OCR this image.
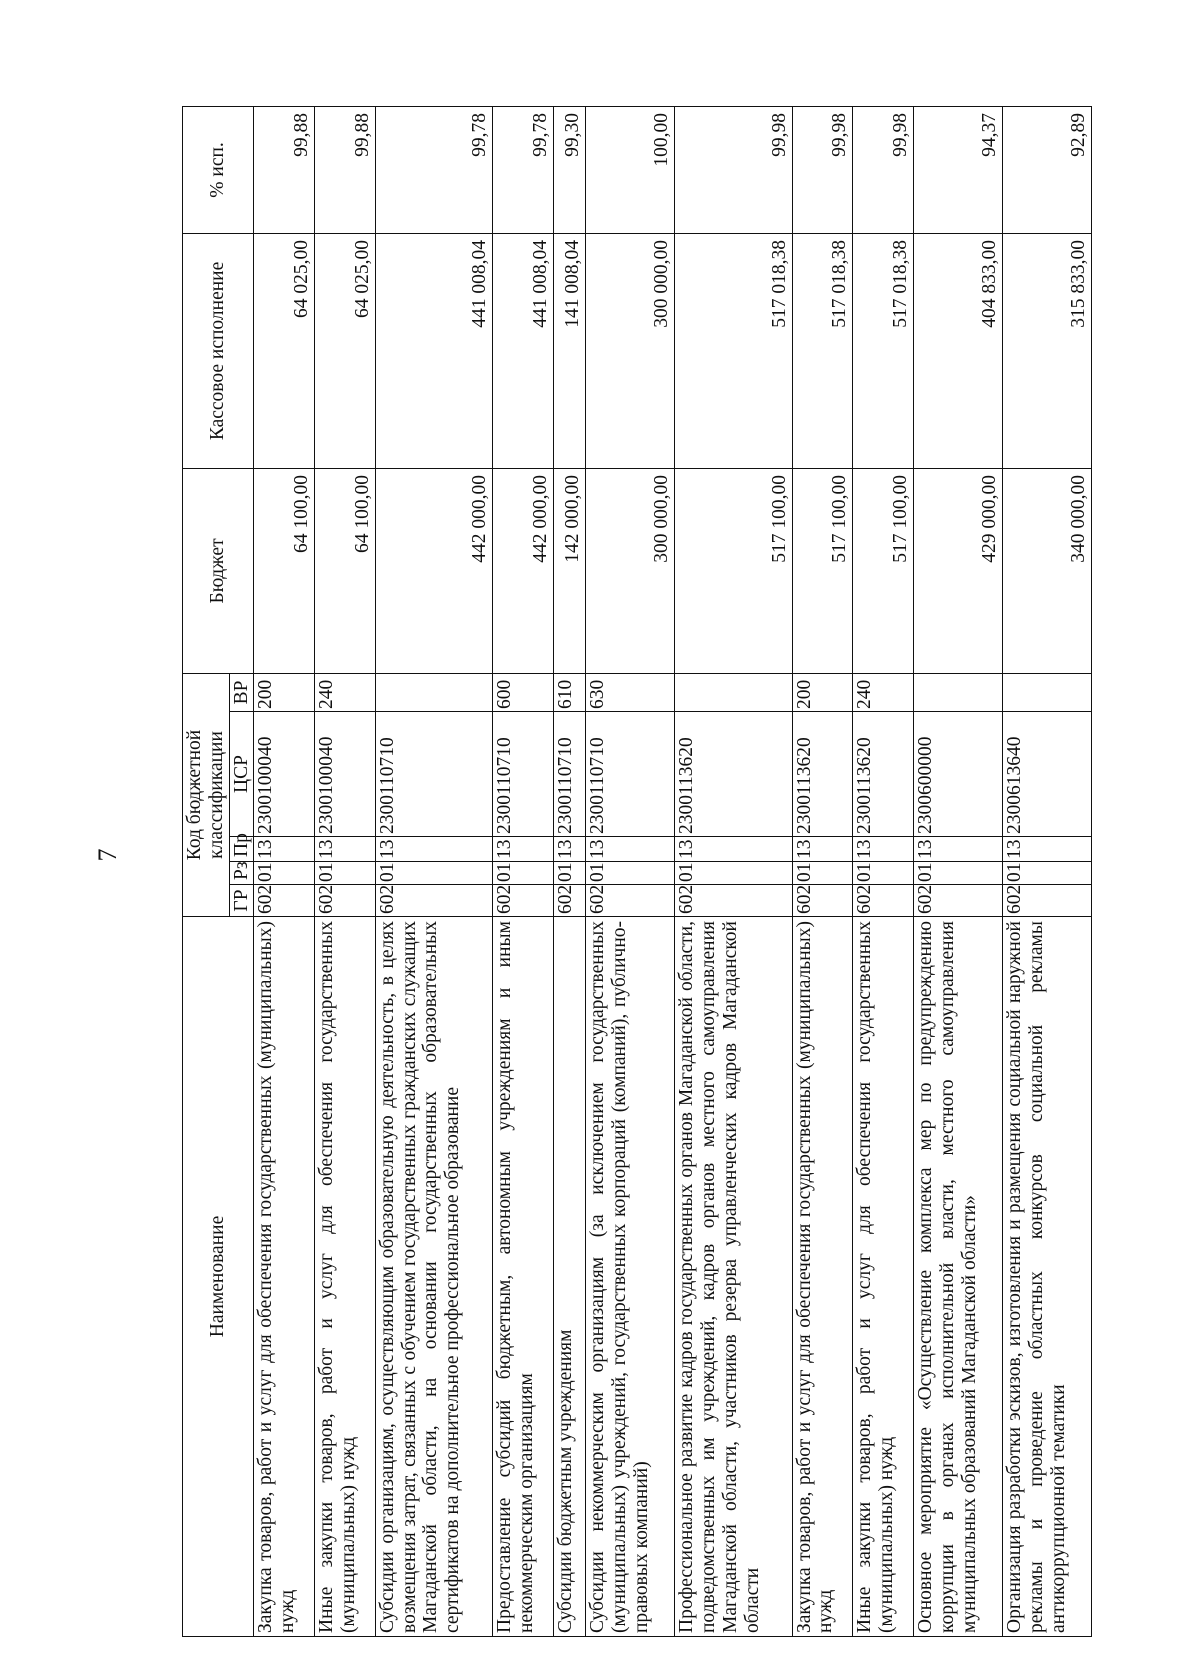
7
Наименование	Код бюджетной классификации					Бюджет	Кассовое исполнение	% исп.
	ГР	Рз	Пр	ЦСР	ВР			
Закупка товаров, работ и услуг для обеспечения государственных (муниципальных) нужд	602	01	13	2300100040	200	64 100,00	64 025,00	99,88
Иные закупки товаров, работ и услуг для обеспечения государственных (муниципальных) нужд	602	01	13	2300100040	240	64 100,00	64 025,00	99,88
Субсидии организациям, осуществляющим образовательную деятельность, в целях возмещения затрат, связанных с обучением государственных гражданских служащих Магаданской области, на основании государственных образовательных сертификатов на дополнительное профессиональное образование	602	01	13	2300110710		442 000,00	441 008,04	99,78
Предоставление субсидий бюджетным, автономным учреждениям и иным некоммерческим организациям	602	01	13	2300110710	600	442 000,00	441 008,04	99,78
Субсидии бюджетным учреждениям	602	01	13	2300110710	610	142 000,00	141 008,04	99,30
Субсидии некоммерческим организациям (за исключением государственных (муниципальных) учреждений, государственных корпораций (компаний), публично-правовых компаний)	602	01	13	2300110710	630	300 000,00	300 000,00	100,00
Профессиональное развитие кадров государственных органов Магаданской области, подведомственных им учреждений, кадров органов местного самоуправления Магаданской области, участников резерва управленческих кадров Магаданской области	602	01	13	2300113620		517 100,00	517 018,38	99,98
Закупка товаров, работ и услуг для обеспечения государственных (муниципальных) нужд	602	01	13	2300113620	200	517 100,00	517 018,38	99,98
Иные закупки товаров, работ и услуг для обеспечения государственных (муниципальных) нужд	602	01	13	2300113620	240	517 100,00	517 018,38	99,98
Основное мероприятие «Осуществление комплекса мер по предупреждению коррупции в органах исполнительной власти, местного самоуправления муниципальных образований Магаданской области»	602	01	13	2300600000		429 000,00	404 833,00	94,37
Организация разработки эскизов, изготовления и размещения социальной наружной рекламы и проведение областных конкурсов социальной рекламы антикоррупционной тематики	602	01	13	2300613640		340 000,00	315 833,00	92,89
